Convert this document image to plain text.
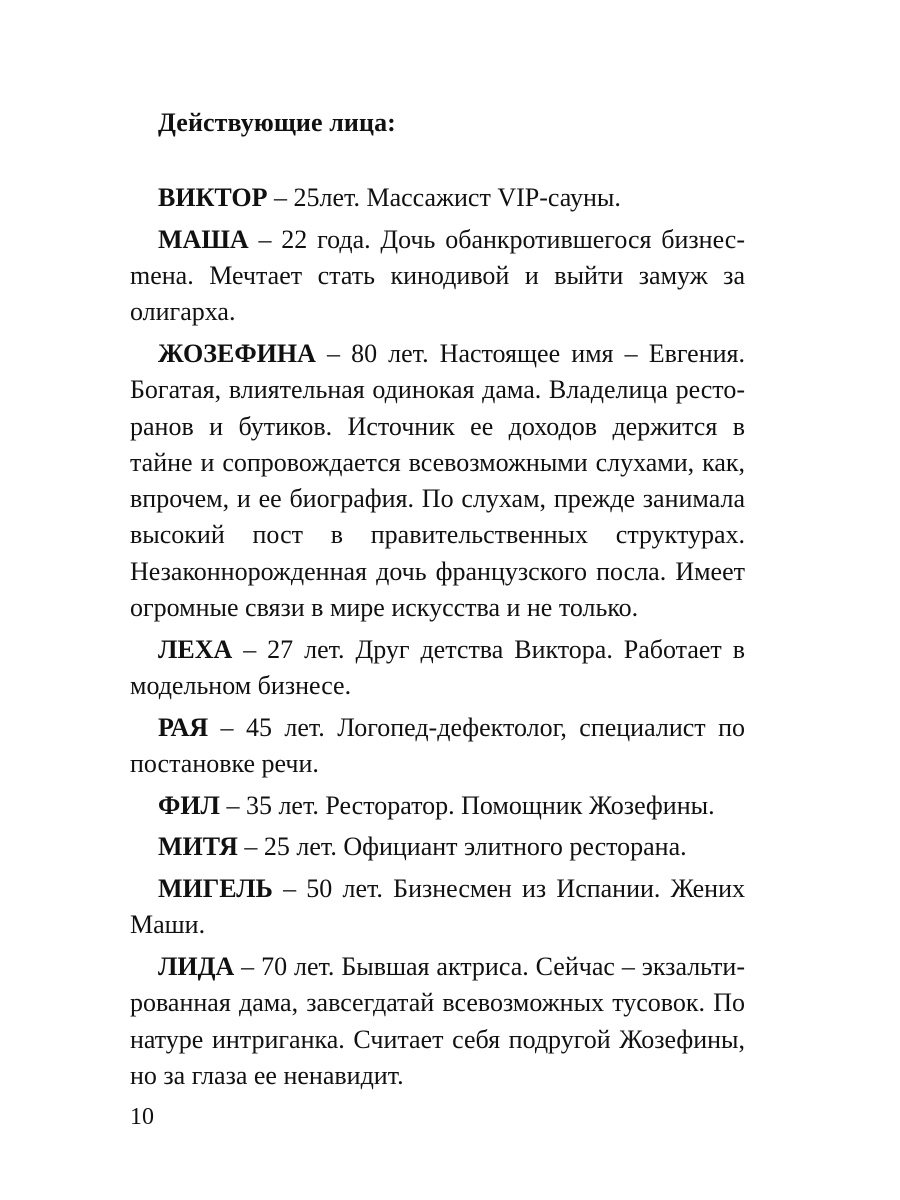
Действующие лица:

ВИКТОР – 25лет. Массажист VIP-сауны.

МАША – 22 года. Дочь обанкротившегося бизнесmена. Мечтает стать кинодивой и выйти замуж за олигарха.

ЖОЗЕФИНА – 80 лет. Настоящее имя – Евгения. Богатая, влиятельная одинокая дама. Владелица ресторанов и бутиков. Источник ее доходов держится в тайне и сопровождается всевозможными слухами, как, впрочем, и ее биография. По слухам, прежде занимала высокий пост в правительственных структурах. Незаконнорожденная дочь французского посла. Имеет огромные связи в мире искусства и не только.

ЛЕХА – 27 лет. Друг детства Виктора. Работает в модельном бизнесе.

РАЯ – 45 лет. Логопед-дефектолог, специалист по постановке речи.

ФИЛ – 35 лет. Ресторатор. Помощник Жозефины.

МИТЯ – 25 лет. Официант элитного ресторана.

МИГЕЛЬ – 50 лет. Бизнесмен из Испании. Жених Маши.

ЛИДА – 70 лет. Бывшая актриса. Сейчас – экзальтированная дама, завсегдатай всевозможных тусовок. По натуре интриганка. Считает себя подругой Жозефины, но за глаза ее ненавидит.

10
